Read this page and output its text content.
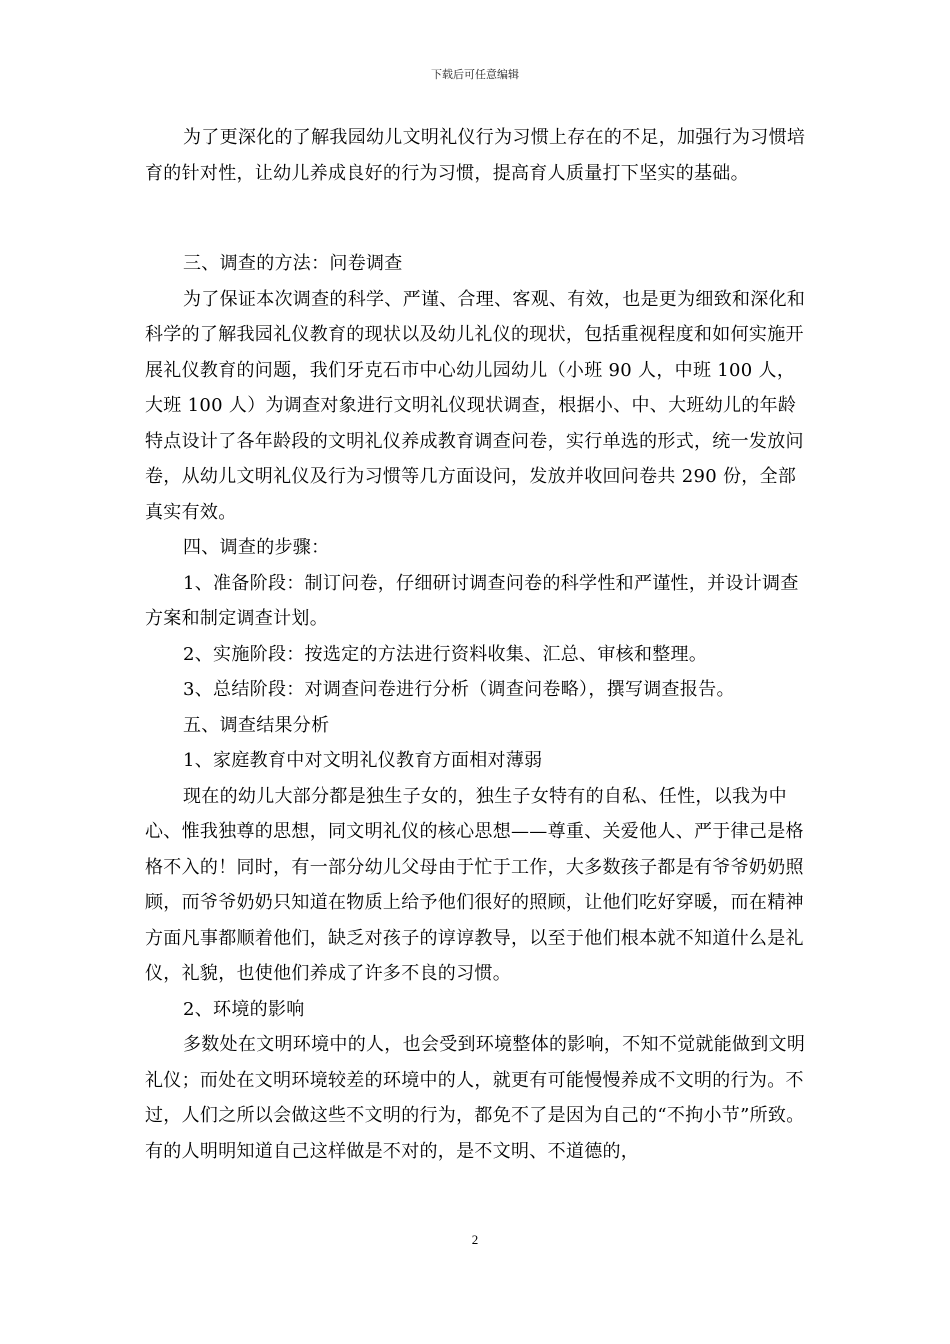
下载后可任意编辑

为了更深化的了解我园幼儿文明礼仪行为习惯上存在的不足，加强行为习惯培育的针对性，让幼儿养成良好的行为习惯，提高育人质量打下坚实的基础。

三、调查的方法：问卷调查

为了保证本次调查的科学、严谨、合理、客观、有效，也是更为细致和深化和科学的了解我园礼仪教育的现状以及幼儿礼仪的现状，包括重视程度和如何实施开展礼仪教育的问题，我们牙克石市中心幼儿园幼儿（小班 90 人，中班 100 人，大班 100 人）为调查对象进行文明礼仪现状调查，根据小、中、大班幼儿的年龄特点设计了各年龄段的文明礼仪养成教育调查问卷，实行单选的形式，统一发放问卷，从幼儿文明礼仪及行为习惯等几方面设问，发放并收回问卷共 290 份，全部真实有效。

四、调查的步骤：

1、准备阶段：制订问卷，仔细研讨调查问卷的科学性和严谨性，并设计调查方案和制定调查计划。

2、实施阶段：按选定的方法进行资料收集、汇总、审核和整理。

3、总结阶段：对调查问卷进行分析（调查问卷略），撰写调查报告。

五、调查结果分析

1、家庭教育中对文明礼仪教育方面相对薄弱

现在的幼儿大部分都是独生子女的，独生子女特有的自私、任性，以我为中心、惟我独尊的思想，同文明礼仪的核心思想——尊重、关爱他人、严于律己是格格不入的！同时，有一部分幼儿父母由于忙于工作，大多数孩子都是有爷爷奶奶照顾，而爷爷奶奶只知道在物质上给予他们很好的照顾，让他们吃好穿暖，而在精神方面凡事都顺着他们，缺乏对孩子的谆谆教导，以至于他们根本就不知道什么是礼仪，礼貌，也使他们养成了许多不良的习惯。

2、环境的影响

多数处在文明环境中的人，也会受到环境整体的影响，不知不觉就能做到文明礼仪；而处在文明环境较差的环境中的人，就更有可能慢慢养成不文明的行为。不过，人们之所以会做这些不文明的行为，都免不了是因为自己的“不拘小节”所致。有的人明明知道自己这样做是不对的，是不文明、不道德的，

2
